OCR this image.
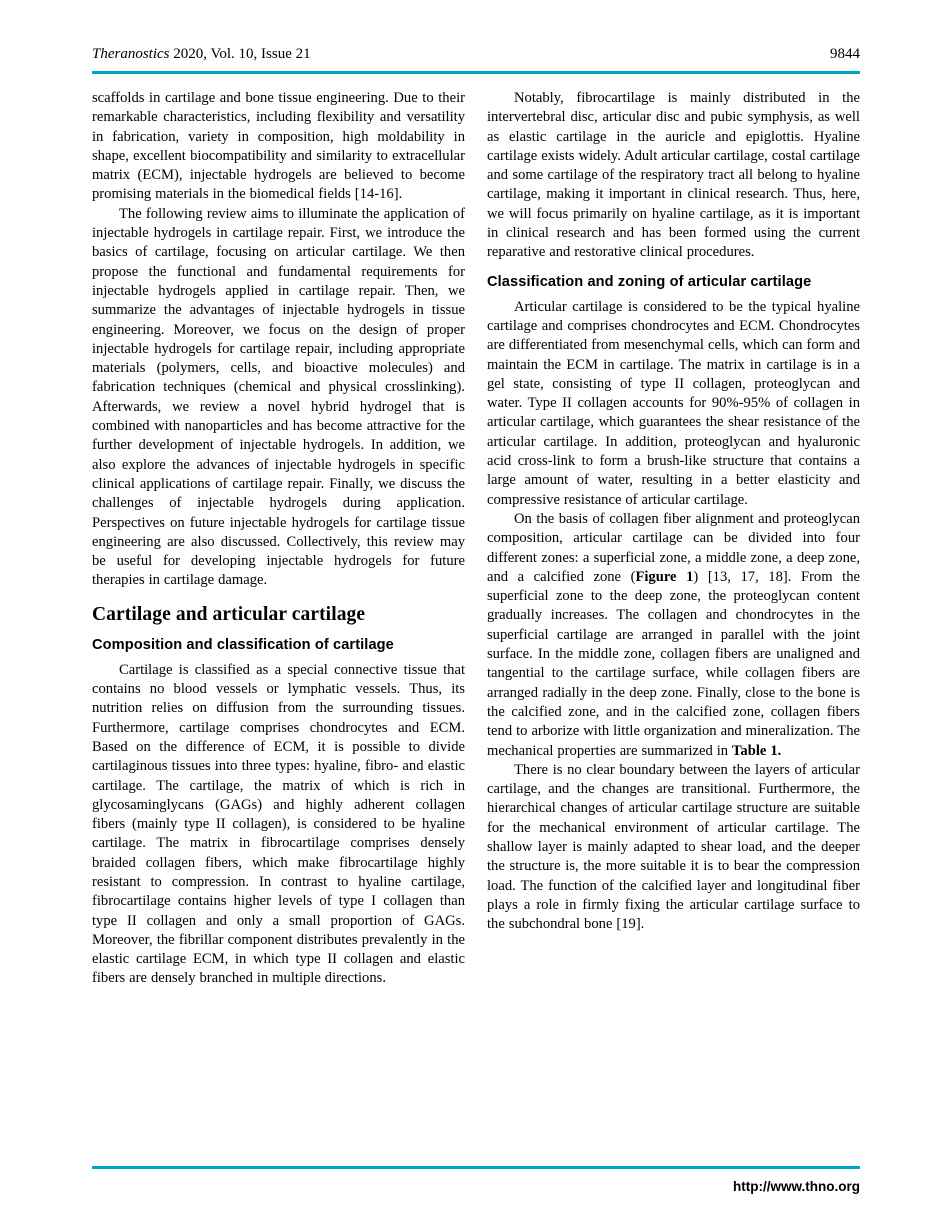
Theranostics 2020, Vol. 10, Issue 21	9844

scaffolds in cartilage and bone tissue engineering. Due to their remarkable characteristics, including flexibility and versatility in fabrication, variety in composition, high moldability in shape, excellent biocompatibility and similarity to extracellular matrix (ECM), injectable hydrogels are believed to become promising materials in the biomedical fields [14-16].

The following review aims to illuminate the application of injectable hydrogels in cartilage repair. First, we introduce the basics of cartilage, focusing on articular cartilage. We then propose the functional and fundamental requirements for injectable hydrogels applied in cartilage repair. Then, we summarize the advantages of injectable hydrogels in tissue engineering. Moreover, we focus on the design of proper injectable hydrogels for cartilage repair, including appropriate materials (polymers, cells, and bioactive molecules) and fabrication techniques (chemical and physical crosslinking). Afterwards, we review a novel hybrid hydrogel that is combined with nanoparticles and has become attractive for the further development of injectable hydrogels. In addition, we also explore the advances of injectable hydrogels in specific clinical applications of cartilage repair. Finally, we discuss the challenges of injectable hydrogels during application. Perspectives on future injectable hydrogels for cartilage tissue engineering are also discussed. Collectively, this review may be useful for developing injectable hydrogels for future therapies in cartilage damage.

Cartilage and articular cartilage
Composition and classification of cartilage

Cartilage is classified as a special connective tissue that contains no blood vessels or lymphatic vessels. Thus, its nutrition relies on diffusion from the surrounding tissues. Furthermore, cartilage comprises chondrocytes and ECM. Based on the difference of ECM, it is possible to divide cartilaginous tissues into three types: hyaline, fibro- and elastic cartilage. The cartilage, the matrix of which is rich in glycosaminglycans (GAGs) and highly adherent collagen fibers (mainly type II collagen), is considered to be hyaline cartilage. The matrix in fibrocartilage comprises densely braided collagen fibers, which make fibrocartilage highly resistant to compression. In contrast to hyaline cartilage, fibrocartilage contains higher levels of type I collagen than type II collagen and only a small proportion of GAGs. Moreover, the fibrillar component distributes prevalently in the elastic cartilage ECM, in which type II collagen and elastic fibers are densely branched in multiple directions.

Notably, fibrocartilage is mainly distributed in the intervertebral disc, articular disc and pubic symphysis, as well as elastic cartilage in the auricle and epiglottis. Hyaline cartilage exists widely. Adult articular cartilage, costal cartilage and some cartilage of the respiratory tract all belong to hyaline cartilage, making it important in clinical research. Thus, here, we will focus primarily on hyaline cartilage, as it is important in clinical research and has been formed using the current reparative and restorative clinical procedures.

Classification and zoning of articular cartilage

Articular cartilage is considered to be the typical hyaline cartilage and comprises chondrocytes and ECM. Chondrocytes are differentiated from mesenchymal cells, which can form and maintain the ECM in cartilage. The matrix in cartilage is in a gel state, consisting of type II collagen, proteoglycan and water. Type II collagen accounts for 90%-95% of collagen in articular cartilage, which guarantees the shear resistance of the articular cartilage. In addition, proteoglycan and hyaluronic acid cross-link to form a brush-like structure that contains a large amount of water, resulting in a better elasticity and compressive resistance of articular cartilage.

On the basis of collagen fiber alignment and proteoglycan composition, articular cartilage can be divided into four different zones: a superficial zone, a middle zone, a deep zone, and a calcified zone (Figure 1) [13, 17, 18]. From the superficial zone to the deep zone, the proteoglycan content gradually increases. The collagen and chondrocytes in the superficial cartilage are arranged in parallel with the joint surface. In the middle zone, collagen fibers are unaligned and tangential to the cartilage surface, while collagen fibers are arranged radially in the deep zone. Finally, close to the bone is the calcified zone, and in the calcified zone, collagen fibers tend to arborize with little organization and mineralization. The mechanical properties are summarized in Table 1.

There is no clear boundary between the layers of articular cartilage, and the changes are transitional. Furthermore, the hierarchical changes of articular cartilage structure are suitable for the mechanical environment of articular cartilage. The shallow layer is mainly adapted to shear load, and the deeper the structure is, the more suitable it is to bear the compression load. The function of the calcified layer and longitudinal fiber plays a role in firmly fixing the articular cartilage surface to the subchondral bone [19].

http://www.thno.org
